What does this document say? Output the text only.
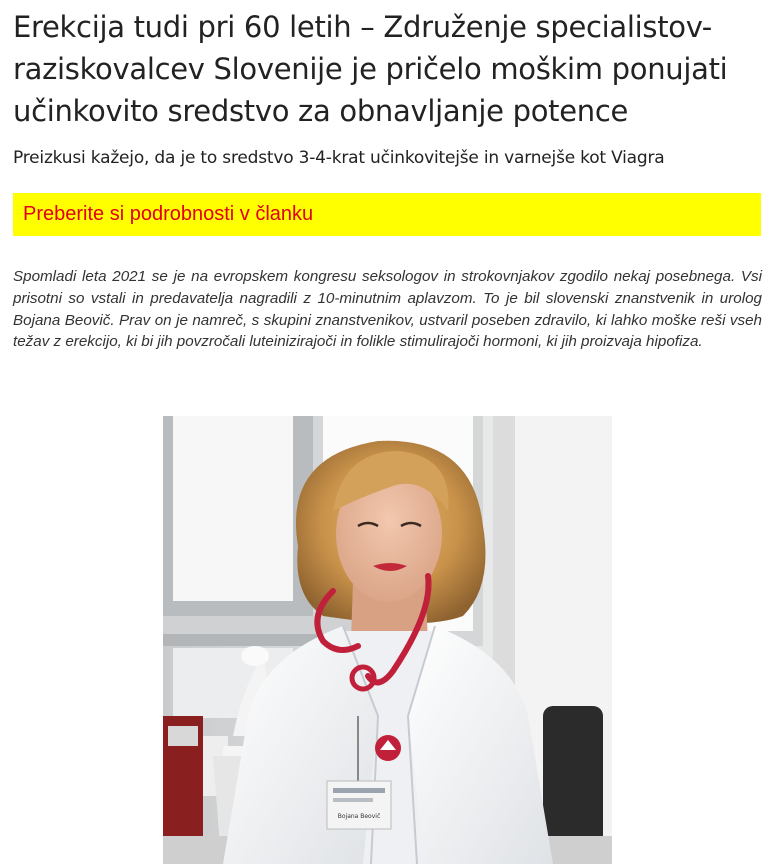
Erekcija tudi pri 60 letih – Združenje specialistov-raziskovalcev Slovenije je pričelo moškim ponujati učinkovito sredstvo za obnavljanje potence

Preizkusi kažejo, da je to sredstvo 3-4-krat učinkovitejše in varnejše kot Viagra

Preberite si podrobnosti v članku

Spomladi leta 2021 se je na evropskem kongresu seksologov in strokovnjakov zgodilo nekaj posebnega. Vsi prisotni so vstali in predavatelja nagradili z 10-minutnim aplavzom. To je bil slovenski znanstvenik in urolog Bojana Beovič. Prav on je namreč, s skupini znanstvenikov, ustvaril poseben zdravilo, ki lahko moške reši vseh težav z erekcijo, ki bi jih povzročali luteinizirajoči in folikle stimulirajoči hormoni, ki jih proizvaja hipofiza.

Bojana Beovič
